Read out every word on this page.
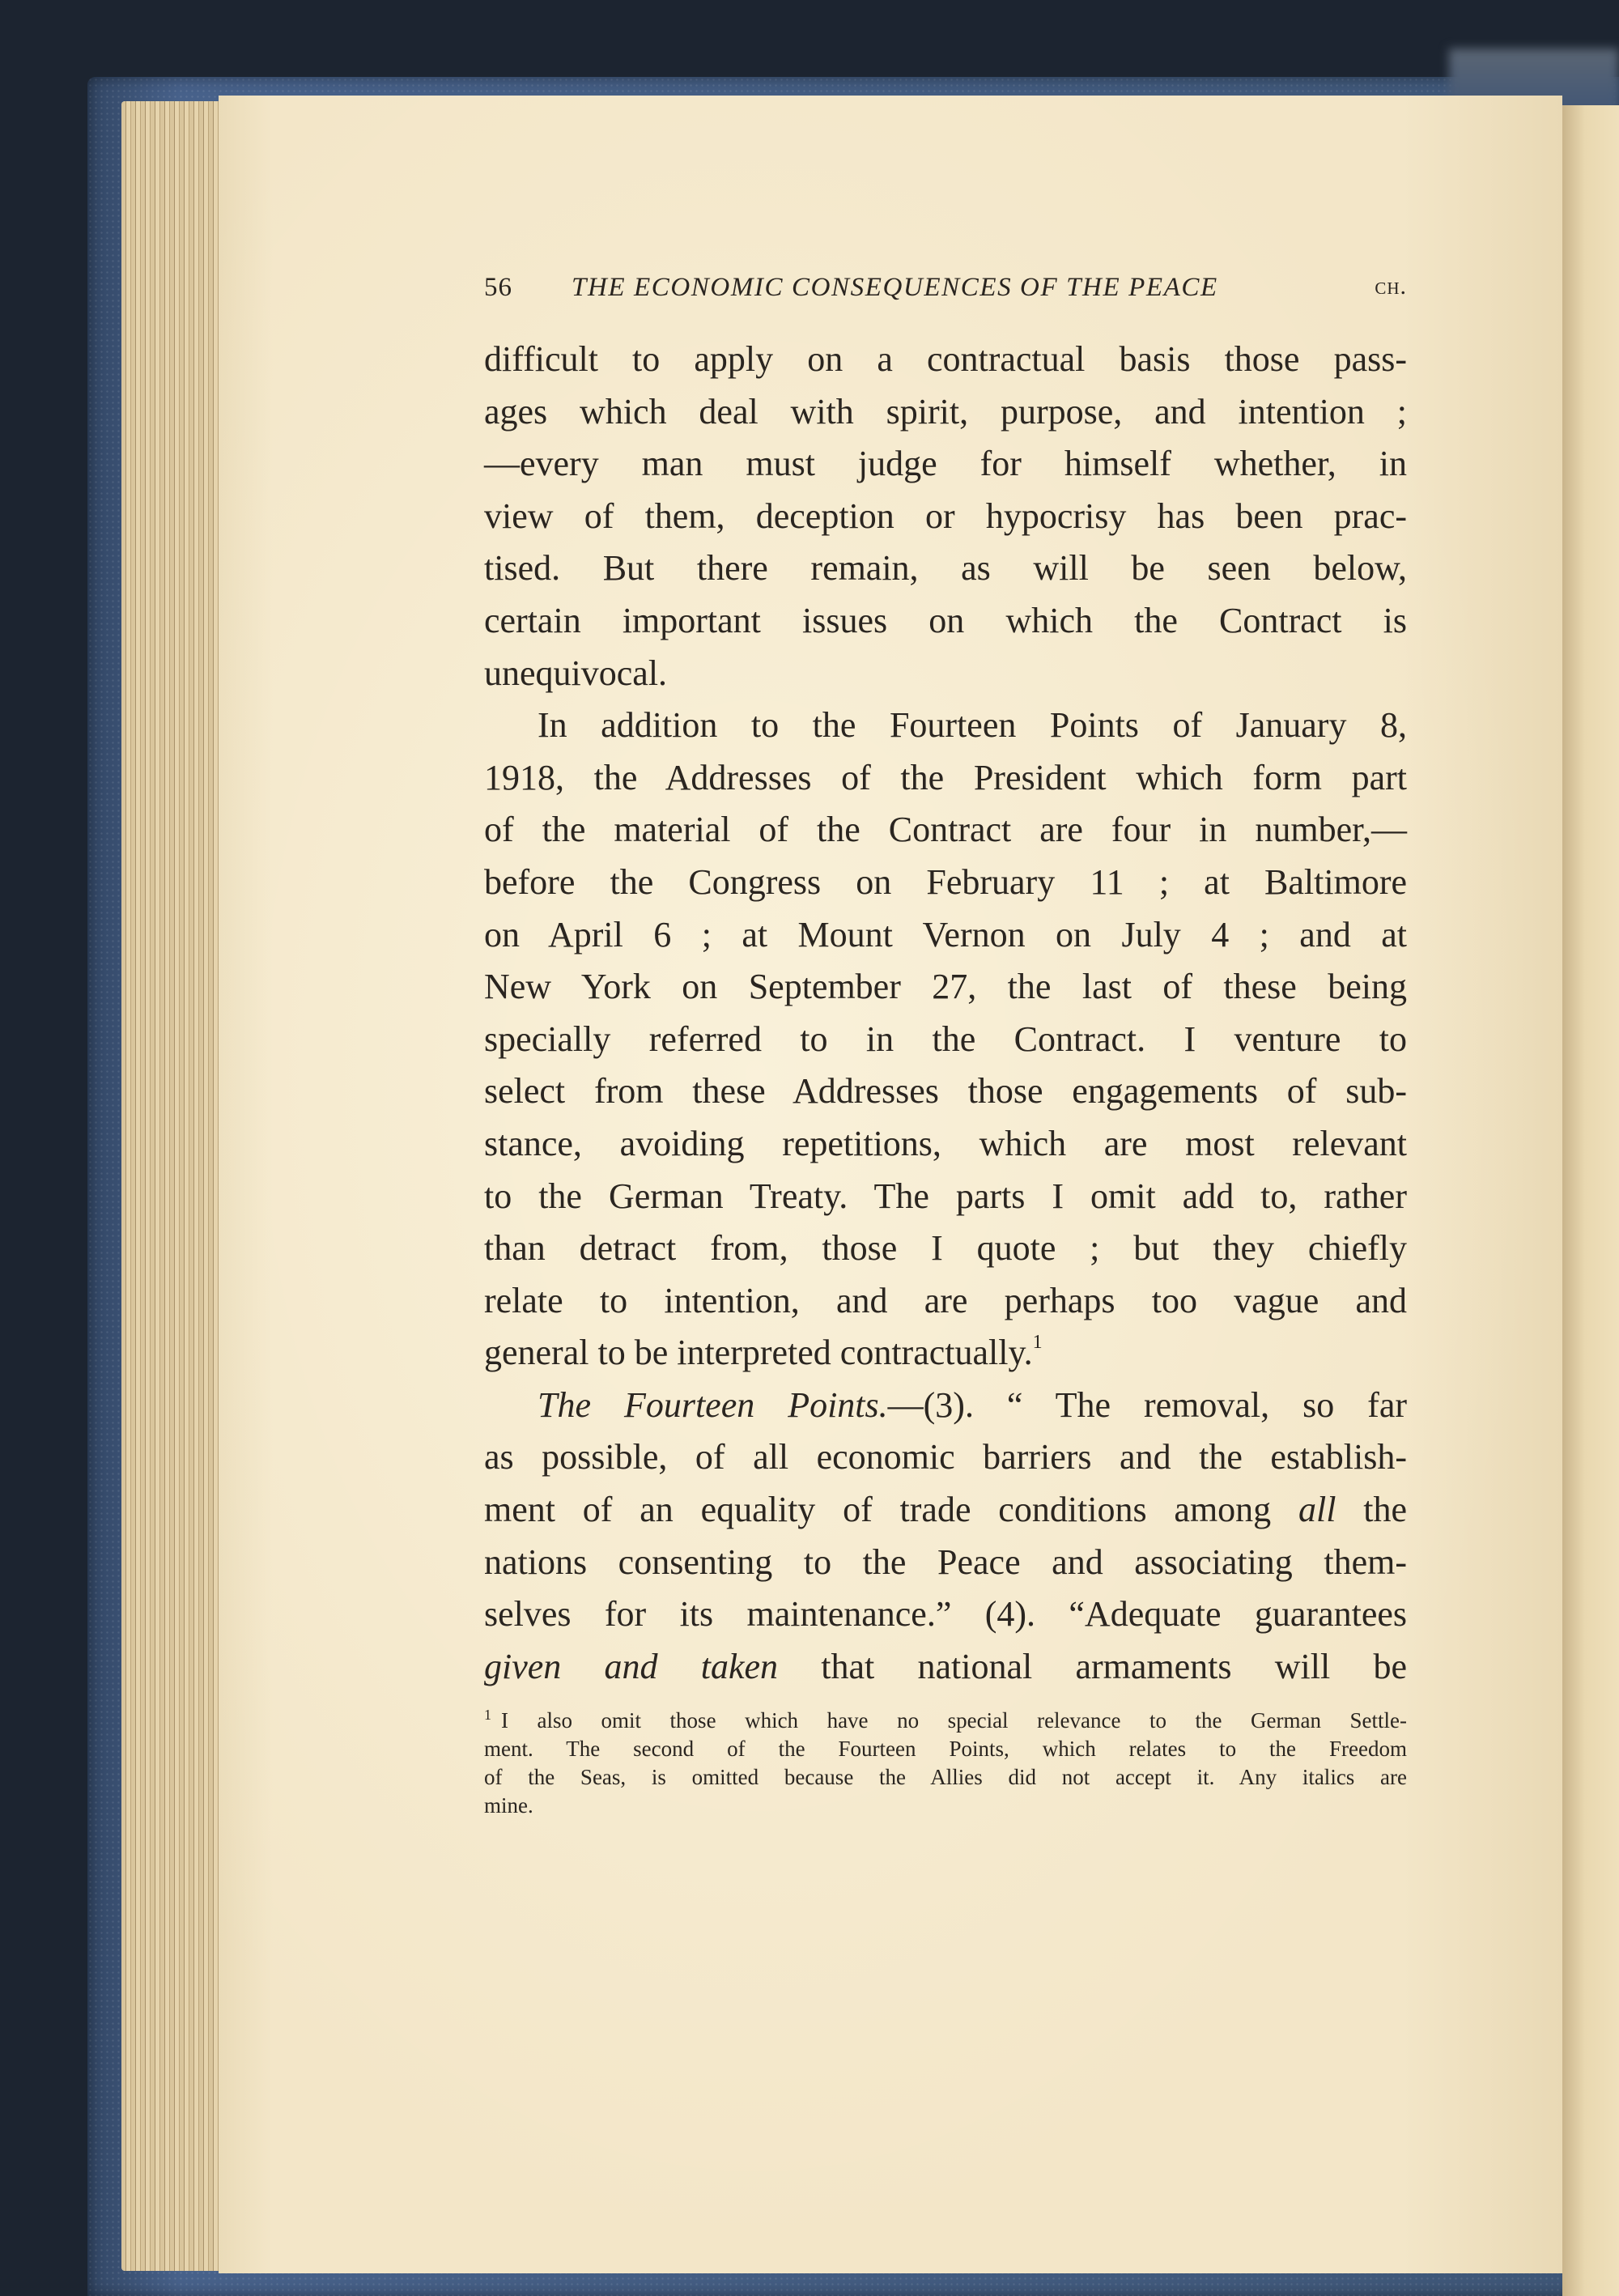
56 THE ECONOMIC CONSEQUENCES OF THE PEACE	ch.
difficult to apply on a contractual basis those pass-
ages which deal with spirit, purpose, and intention ;
—every man must judge for himself whether, in
view of them, deception or hypocrisy has been prac-
tised. But there remain, as will be seen below,
certain important issues on which the Contract is
unequivocal.
In addition to the Fourteen Points of January 8,
1918, the Addresses of the President which form part
of the material of the Contract are four in number,—
before the Congress on February 11 ; at Baltimore
on April 6 ; at Mount Vernon on July 4 ; and at
New York on September 27, the last of these being
specially referred to in the Contract. I venture to
select from these Addresses those engagements of sub-
stance, avoiding repetitions, which are most relevant
to the German Treaty. The parts I omit add to, rather
than detract from, those I quote ; but they chiefly
relate to intention, and are perhaps too vague and
general to be interpreted contractually.$^1$
The Fourteen Points.—(3). “ The removal, so far
as possible, of all economic barriers and the establish-
ment of an equality of trade conditions among all the
nations consenting to the Peace and associating them-
selves for its maintenance.” (4). “Adequate guarantees
given and taken that national armaments will be
$^1$ I also omit those which have no special relevance to the German Settle-
ment. The second of the Fourteen Points, which relates to the Freedom
of the Seas, is omitted because the Allies did not accept it. Any italics are
mine.
